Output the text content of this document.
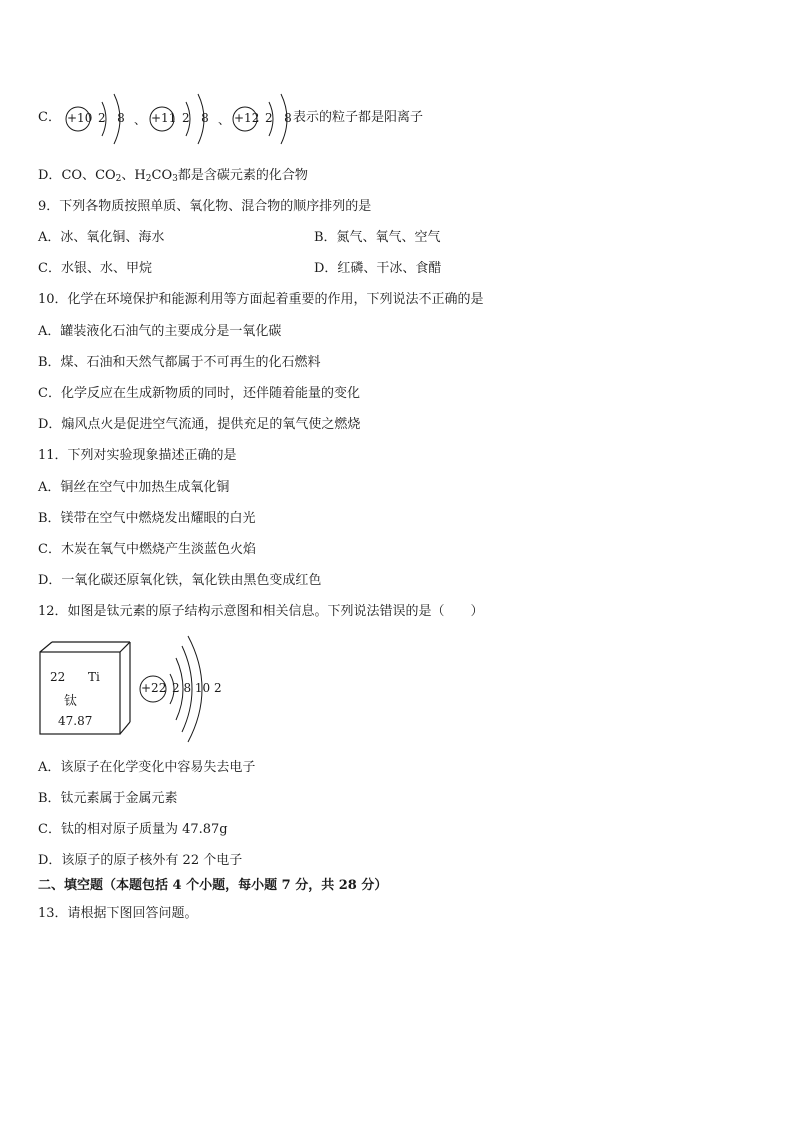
C． +10 2   8 、 +11 2   8 、 +12 2   8 表示的粒子都是阳离子
D．CO、$CO_2$、$H_2CO_3$都是含碳元素的化合物
9．下列各物质按照单质、氧化物、混合物的顺序排列的是
A．冰、氧化铜、海水	B．氮气、氧气、空气
C．水银、水、甲烷	D．红磷、干冰、食醋
10．化学在环境保护和能源利用等方面起着重要的作用，下列说法不正确的是
A．罐装液化石油气的主要成分是一氧化碳
B．煤、石油和天然气都属于不可再生的化石燃料
C．化学反应在生成新物质的同时，还伴随着能量的变化
D．煽风点火是促进空气流通，提供充足的氧气使之燃烧
11．下列对实验现象描述正确的是
A．铜丝在空气中加热生成氧化铜
B．镁带在空气中燃烧发出耀眼的白光
C．木炭在氧气中燃烧产生淡蓝色火焰
D．一氧化碳还原氧化铁，氧化铁由黑色变成红色
12．如图是钛元素的原子结构示意图和相关信息。下列说法错误的是（　　）
22 Ti
钛
47.87
+22 2 8 10 2
A．该原子在化学变化中容易失去电子
B．钛元素属于金属元素
C．钛的相对原子质量为 47.87g
D．该原子的原子核外有 22 个电子
二、填空题（本题包括 4 个小题，每小题 7 分，共 28 分）
13．请根据下图回答问题。
